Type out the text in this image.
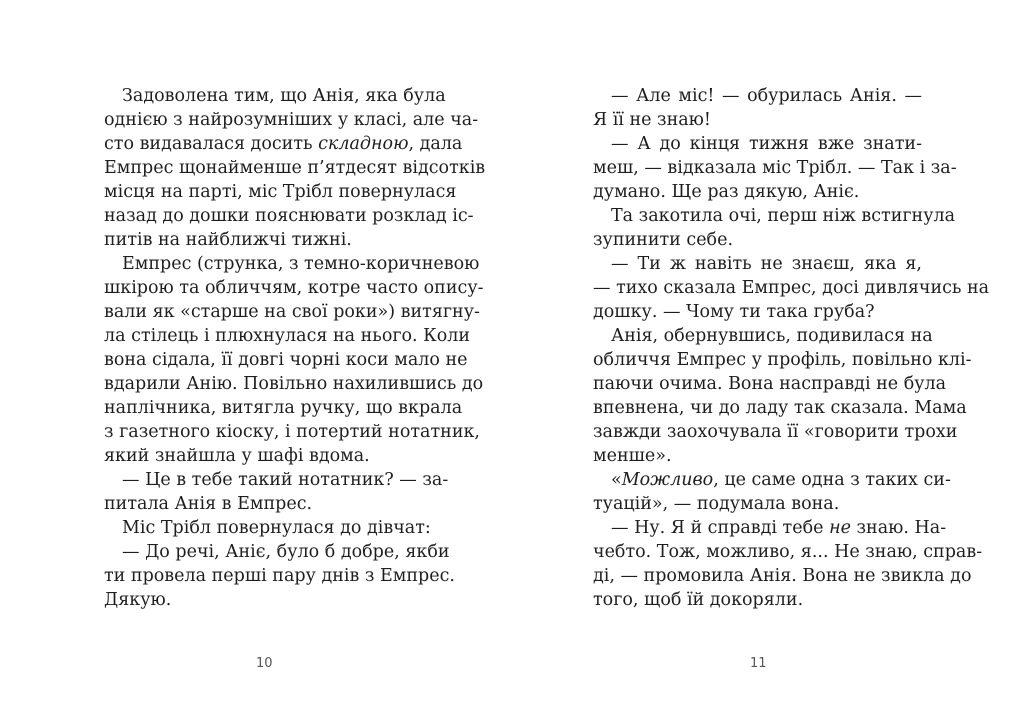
Задоволена тим, що Анія, яка була

однією з найрозумніших у класі, але ча-

сто видавалася досить складною, дала

Емпрес щонайменше п’ятдесят відсотків

місця на парті, міс Трібл повернулася

назад до дошки пояснювати розклад іс-

питів на найближчі тижні.

Емпрес (струнка, з темно-коричневою

шкірою та обличчям, котре часто опису-

вали як «старше на свої роки») витягну-

ла стілець і плюхнулася на нього. Коли

вона сідала, її довгі чорні коси мало не

вдарили Анію. Повільно нахилившись до

наплічника, витягла ручку, що вкрала

з газетного кіоску, і потертий нотатник,

який знайшла у шафі вдома.

— Це в тебе такий нотатник? — за-

питала Анія в Емпрес.

Міс Трібл повернулася до дівчат:

— До речі, Аніє, було б добре, якби

ти провела перші пару днів з Емпрес.

Дякую.

10

— Але міс! — обурилась Анія. —

Я її не знаю!

— А до кінця тижня вже знати-

меш, — відказала міс Трібл. — Так і за-

думано. Ще раз дякую, Аніє.

Та закотила очі, перш ніж встигнула

зупинити себе.

— Ти ж навіть не знаєш, яка я,

— тихо сказала Емпрес, досі дивлячись на

дошку. — Чому ти така груба?

Анія, обернувшись, подивилася на

обличчя Емпрес у профіль, повільно клі-

паючи очима. Вона насправді не була

впевнена, чи до ладу так сказала. Мама

завжди заохочувала її «говорити трохи

менше».

«Можливо, це саме одна з таких си-

туацій», — подумала вона.

— Ну. Я й справді тебе не знаю. На-

чебто. Тож, можливо, я... Не знаю, справ-

ді, — промовила Анія. Вона не звикла до

того, щоб їй докоряли.

11
